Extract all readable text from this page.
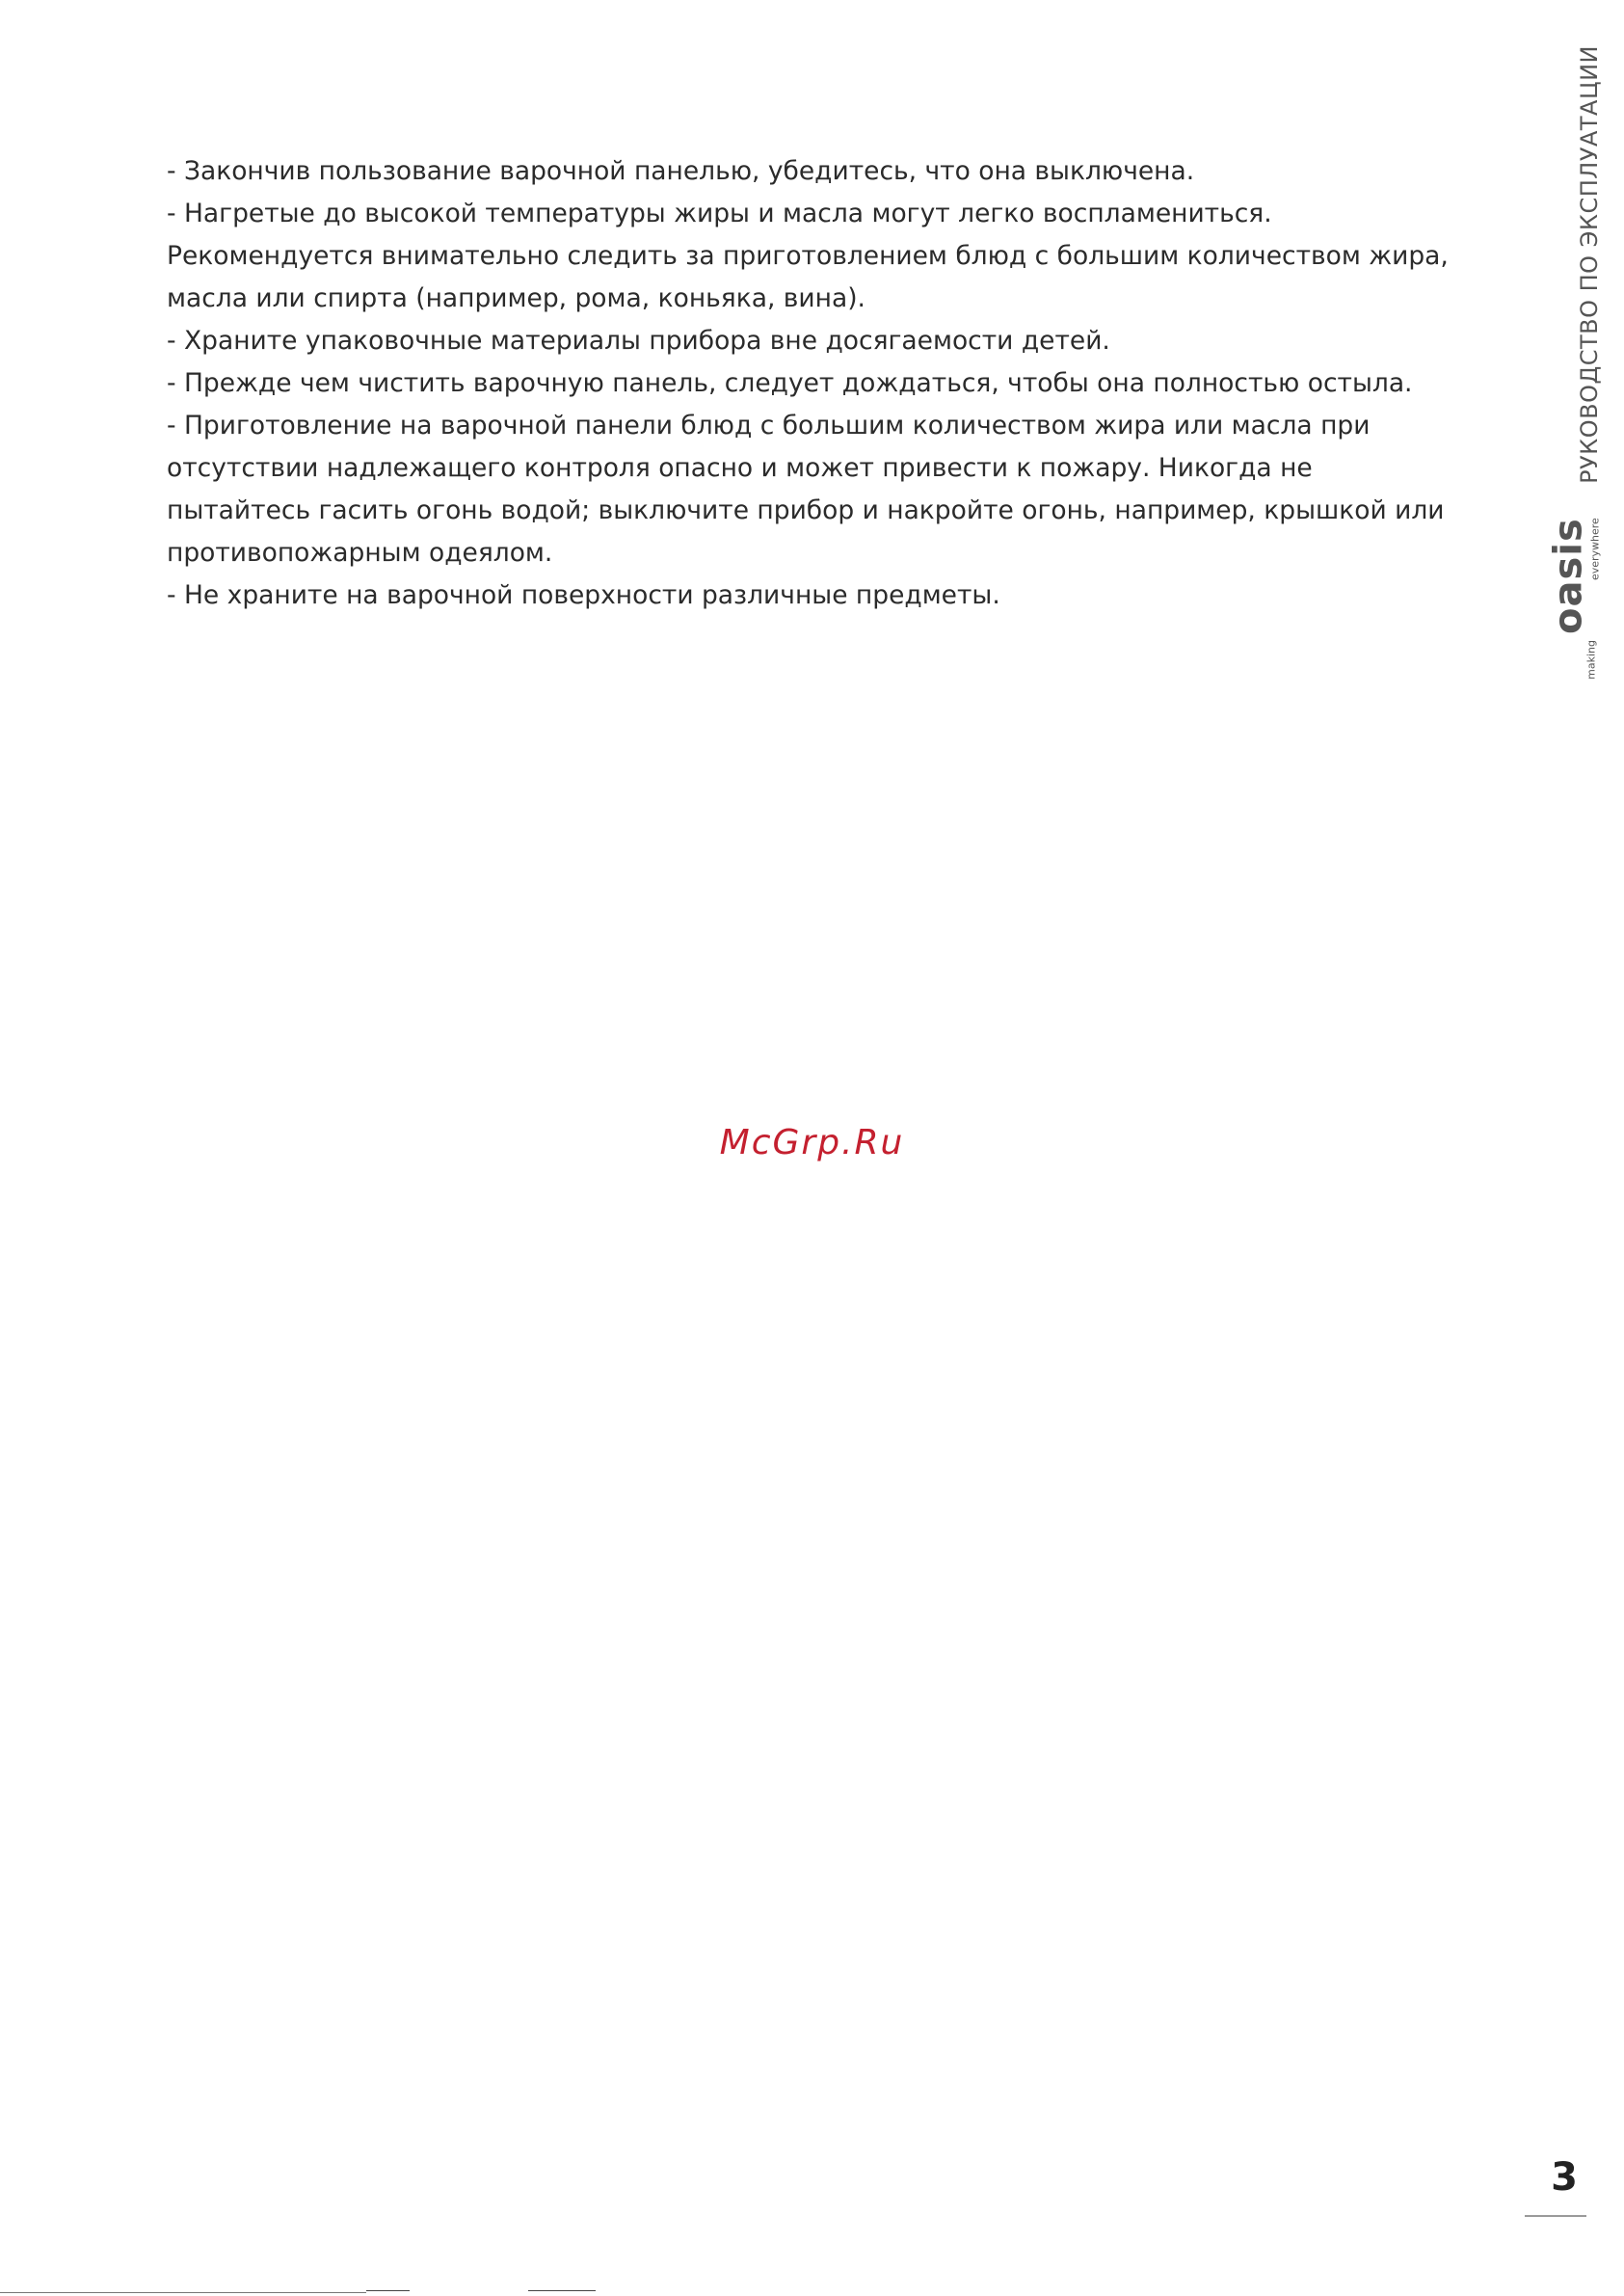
- Закончив пользование варочной панелью, убедитесь, что она выключена.

- Нагретые до высокой температуры жиры и масла могут легко воспламениться. Рекомендуется внимательно следить за приготовлением блюд с большим количеством жира, масла или спирта (например, рома, коньяка, вина).

- Храните упаковочные материалы прибора вне досягаемости детей.

- Прежде чем чистить варочную панель, следует дождаться, чтобы она полностью остыла.

- Приготовление на варочной панели блюд с большим количеством жира или масла при отсутствии надлежащего контроля опасно и может привести к пожару. Никогда не пытайтесь гасить огонь водой; выключите прибор и накройте огонь, например, крышкой или противопожарным одеялом.

- Не храните на варочной поверхности различные предметы.

РУКОВОДСТВО ПО ЭКСПЛУАТАЦИИ
making
oasis
everywhere
McGrp.Ru
3
